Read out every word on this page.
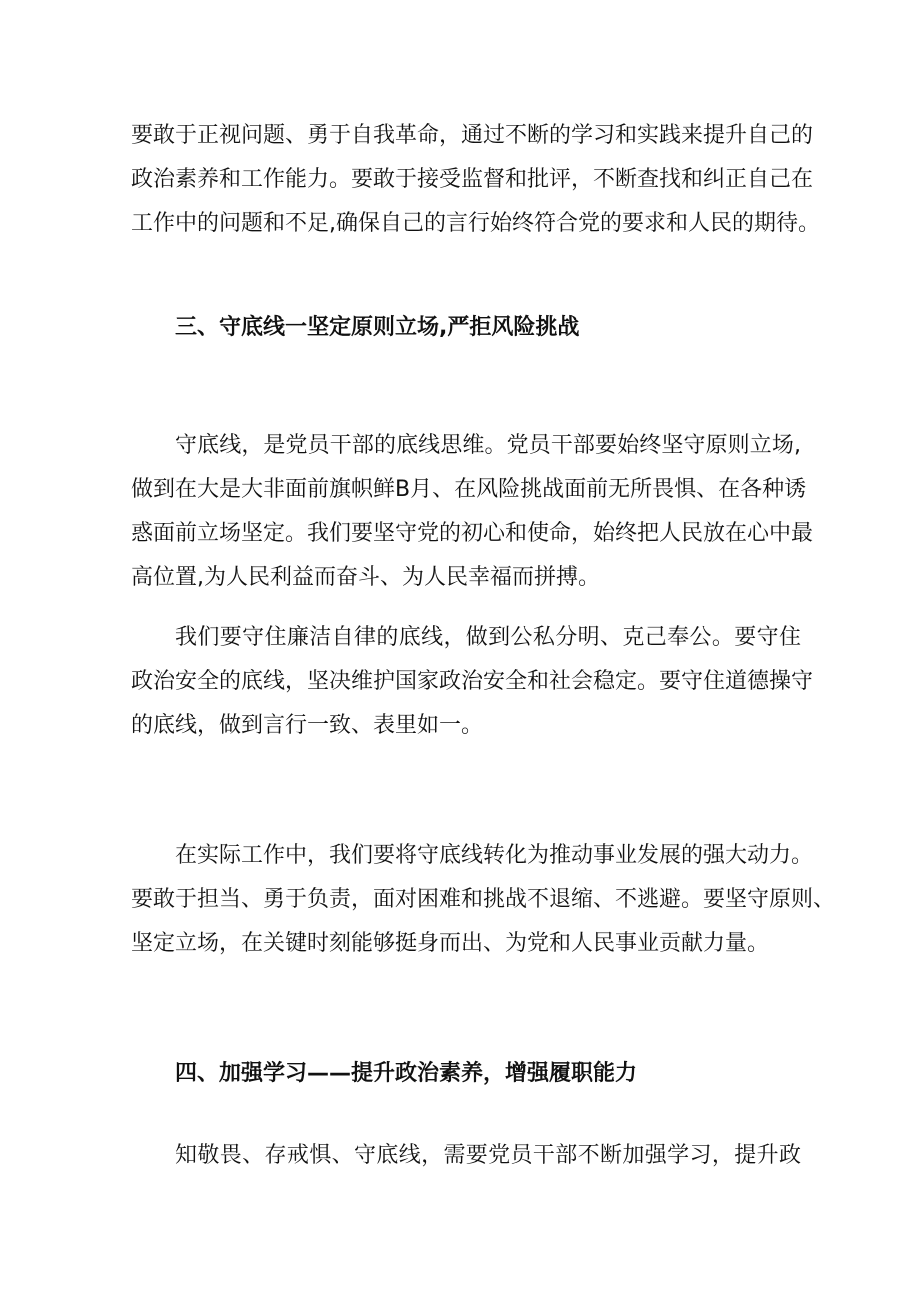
要敢于正视问题、勇于自我革命，通过不断的学习和实践来提升自己的
政治素养和工作能力。要敢于接受监督和批评，不断查找和纠正自己在
工作中的问题和不足,确保自己的言行始终符合党的要求和人民的期待。
三、守底线一坚定原则立场,严拒风险挑战
守底线，是党员干部的底线思维。党员干部要始终坚守原则立场,
做到在大是大非面前旗帜鲜B月、在风险挑战面前无所畏惧、在各种诱
惑面前立场坚定。我们要坚守党的初心和使命，始终把人民放在心中最
高位置,为人民利益而奋斗、为人民幸福而拼搏。
我们要守住廉洁自律的底线，做到公私分明、克己奉公。要守住
政治安全的底线，坚决维护国家政治安全和社会稳定。要守住道德操守
的底线，做到言行一致、表里如一。
在实际工作中，我们要将守底线转化为推动事业发展的强大动力。
要敢于担当、勇于负责，面对困难和挑战不退缩、不逃避。要坚守原则、
坚定立场，在关键时刻能够挺身而出、为党和人民事业贡献力量。
四、加强学习——提升政治素养，增强履职能力
知敬畏、存戒惧、守底线，需要党员干部不断加强学习，提升政
